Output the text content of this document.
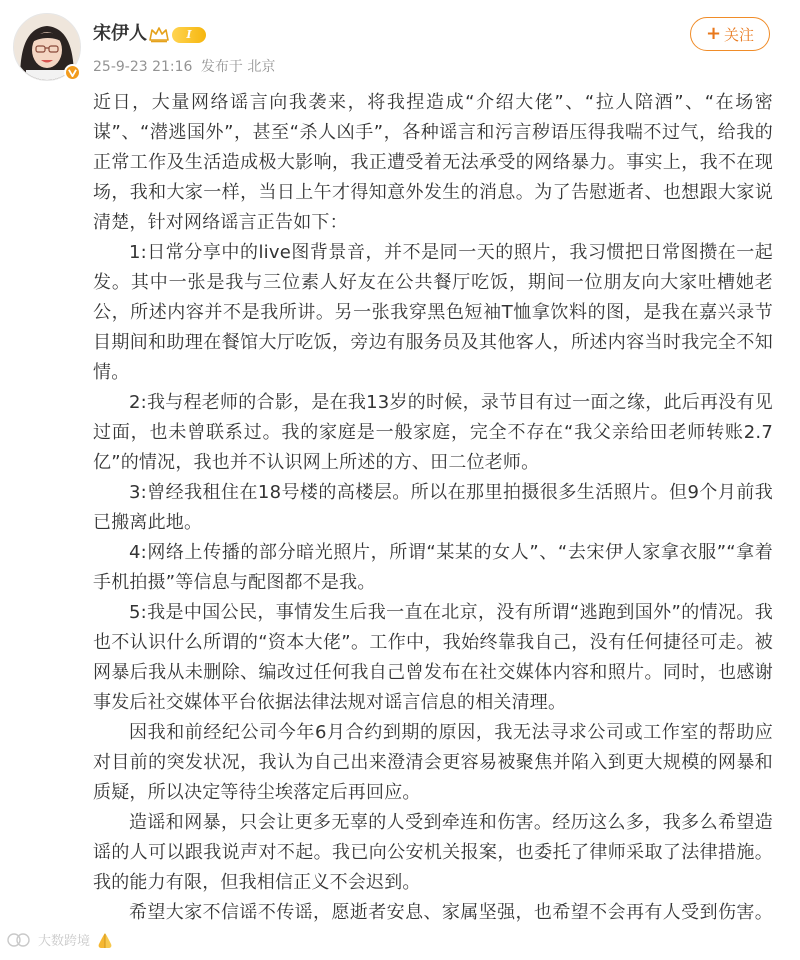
宋伊人	I
25-9-23 21:16 发布于 北京
+ 关注

近日，大量网络谣言向我袭来，将我捏造成“介绍大佬”、“拉人陪酒”、“在场密谋”、“潜逃国外”，甚至“杀人凶手”，各种谣言和污言秽语压得我喘不过气，给我的正常工作及生活造成极大影响，我正遭受着无法承受的网络暴力。事实上，我不在现场，我和大家一样，当日上午才得知意外发生的消息。为了告慰逝者、也想跟大家说清楚，针对网络谣言正告如下：

1:日常分享中的live图背景音，并不是同一天的照片，我习惯把日常图攒在一起发。其中一张是我与三位素人好友在公共餐厅吃饭，期间一位朋友向大家吐槽她老公，所述内容并不是我所讲。另一张我穿黑色短袖T恤拿饮料的图，是我在嘉兴录节目期间和助理在餐馆大厅吃饭，旁边有服务员及其他客人，所述内容当时我完全不知情。

2:我与程老师的合影，是在我13岁的时候，录节目有过一面之缘，此后再没有见过面，也未曾联系过。我的家庭是一般家庭，完全不存在“我父亲给田老师转账2.7亿”的情况，我也并不认识网上所述的方、田二位老师。

3:曾经我租住在18号楼的高楼层。所以在那里拍摄很多生活照片。但9个月前我已搬离此地。

4:网络上传播的部分暗光照片，所谓“某某的女人”、“去宋伊人家拿衣服”“拿着手机拍摄”等信息与配图都不是我。

5:我是中国公民，事情发生后我一直在北京，没有所谓“逃跑到国外”的情况。我也不认识什么所谓的“资本大佬”。工作中，我始终靠我自己，没有任何捷径可走。被网暴后我从未删除、编改过任何我自己曾发布在社交媒体内容和照片。同时，也感谢事发后社交媒体平台依据法律法规对谣言信息的相关清理。

因我和前经纪公司今年6月合约到期的原因，我无法寻求公司或工作室的帮助应对目前的突发状况，我认为自己出来澄清会更容易被聚焦并陷入到更大规模的网暴和质疑，所以决定等待尘埃落定后再回应。

造谣和网暴，只会让更多无辜的人受到牵连和伤害。经历这么多，我多么希望造谣的人可以跟我说声对不起。我已向公安机关报案，也委托了律师采取了法律措施。我的能力有限，但我相信正义不会迟到。

希望大家不信谣不传谣，愿逝者安息、家属坚强，也希望不会再有人受到伤害。

大数跨境
